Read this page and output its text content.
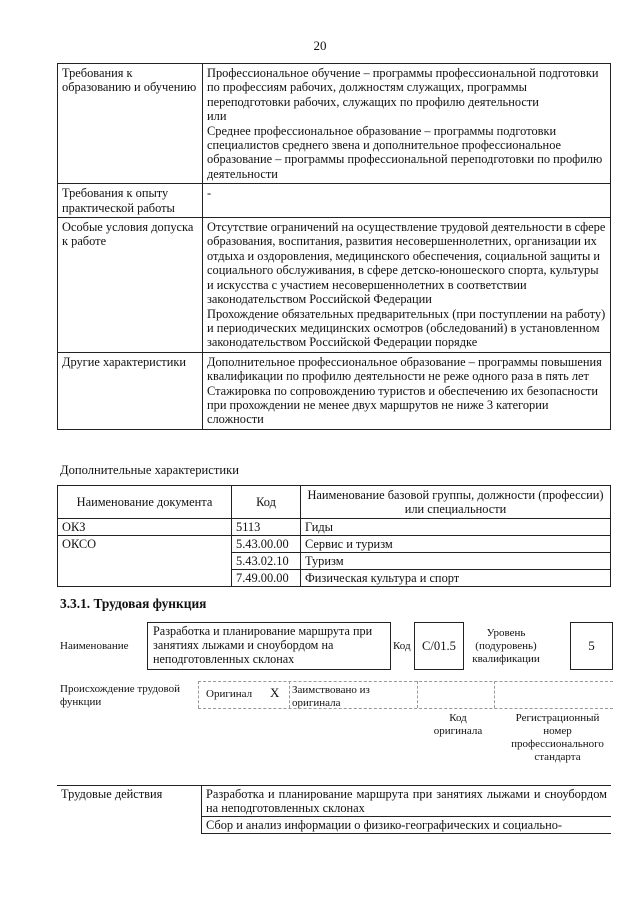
20
Требования к образованию и обучению	Профессиональное обучение – программы профессиональной подготовки по профессиям рабочих, должностям служащих, программы переподготовки рабочих, служащих по профилю деятельности

или

Среднее профессиональное образование – программы подготовки специалистов среднего звена и дополнительное профессиональное образование – программы профессиональной переподготовки по профилю деятельности

Требования к опыту практической работы	-

Особые условия допуска к работе	Отсутствие ограничений на осуществление трудовой деятельности в сфере образования, воспитания, развития несовершеннолетних, организации их отдыха и оздоровления, медицинского обеспечения, социальной защиты и социального обслуживания, в сфере детско-юношеского спорта, культуры и искусства с участием несовершеннолетних в соответствии законодательством Российской Федерации

Прохождение обязательных предварительных (при поступлении на работу) и периодических медицинских осмотров (обследований) в установленном законодательством Российской Федерации порядке

Другие характеристики	Дополнительное профессиональное образование – программы повышения квалификации по профилю деятельности не реже одного раза в пять лет

Стажировка по сопровождению туристов и обеспечению их безопасности при прохождении не менее двух маршрутов не ниже 3 категории сложности

Дополнительные характеристики
Наименование документа	Код	Наименование базовой группы, должности (профессии) или специальности
ОКЗ	5113	Гиды
ОКСО	5.43.00.00	Сервис и туризм
	5.43.02.10	Туризм
	7.49.00.00	Физическая культура и спорт
3.3.1. Трудовая функция
Наименование
Разработка и планирование маршрута при занятиях лыжами и сноубордом на неподготовленных склонах
Код C/01.5
Уровень (подуровень) квалификации
5
Происхождение трудовой функции
Оригинал X Заимствовано из оригинала
Код оригинала
Регистрационный номер профессионального стандарта
Трудовые действия	Разработка и планирование маршрута при занятиях лыжами и сноубордом на неподготовленных склонах

Сбор и анализ информации о физико-географических и социально-
